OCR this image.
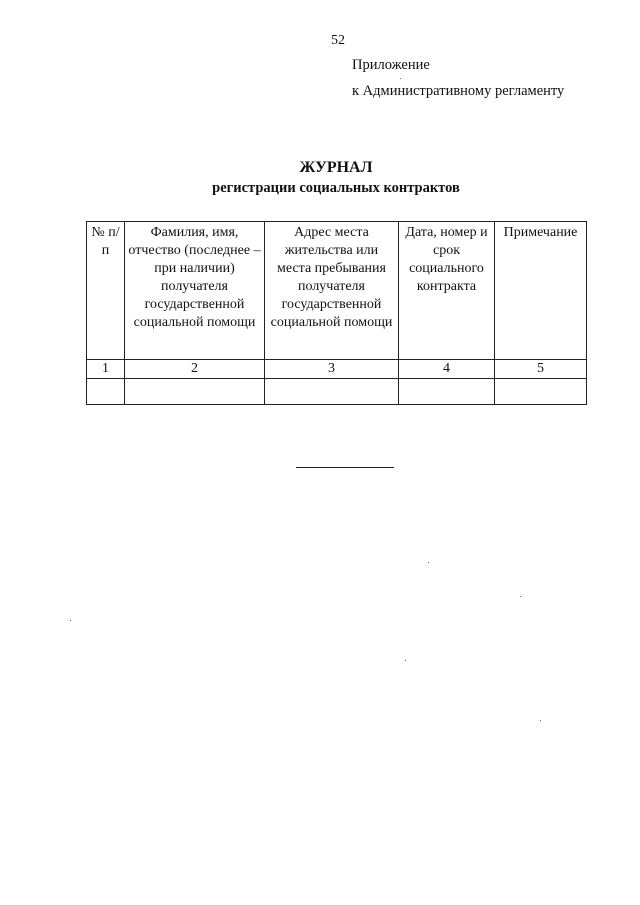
52
Приложение
к Административному регламенту
ЖУРНАЛ
регистрации социальных контрактов
№ п/п	Фамилия, имя, отчество (последнее – при наличии) получателя государственной социальной помощи	Адрес места жительства или места пребывания получателя государственной социальной помощи	Дата, номер и срок социального контракта	Примечание
1	2	3	4	5
